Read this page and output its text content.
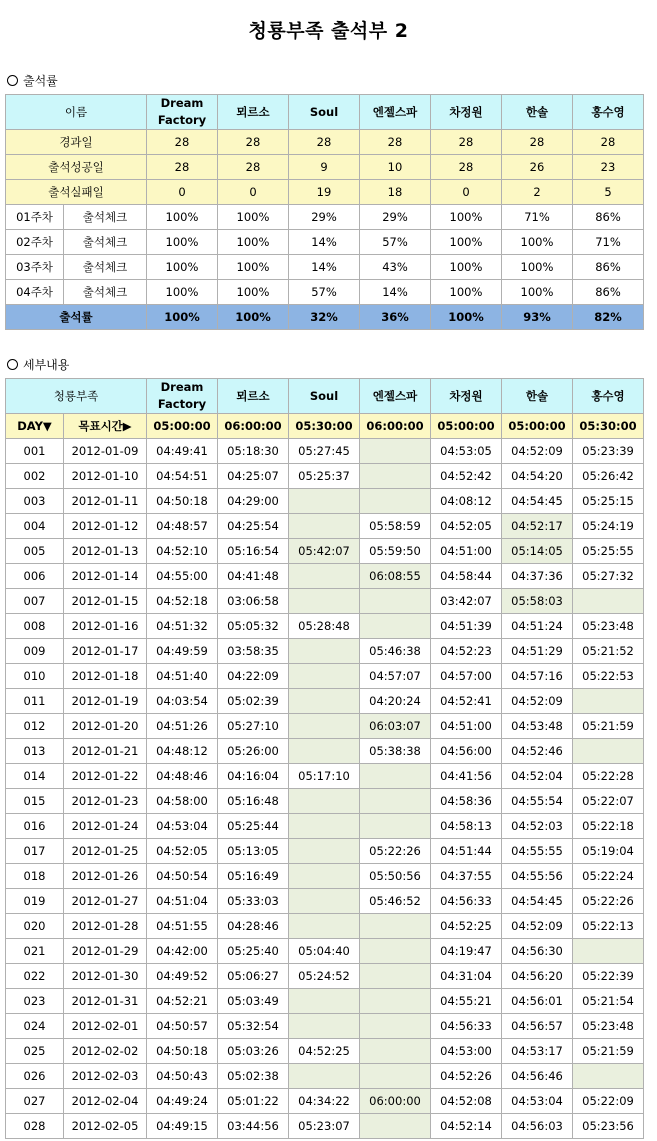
청룡부족 출석부 2
출석률
이름		Dream Factory	뫼르소	Soul	엔젤스파	차정원	한솔	홍수영
경과일		28	28	28	28	28	28	28
출석성공일		28	28	9	10	28	26	23
출석실패일		0	0	19	18	0	2	5
01주차	출석체크	100%	100%	29%	29%	100%	71%	86%
02주차	출석체크	100%	100%	14%	57%	100%	100%	71%
03주차	출석체크	100%	100%	14%	43%	100%	100%	86%
04주차	출석체크	100%	100%	57%	14%	100%	100%	86%
출석률		100%	100%	32%	36%	100%	93%	82%
세부내용
청룡부족		Dream Factory	뫼르소	Soul	엔젤스파	차정원	한솔	홍수영
DAY▼	목표시간▶	05:00:00	06:00:00	05:30:00	06:00:00	05:00:00	05:00:00	05:30:00
001	2012-01-09	04:49:41	05:18:30	05:27:45		04:53:05	04:52:09	05:23:39
002	2012-01-10	04:54:51	04:25:07	05:25:37		04:52:42	04:54:20	05:26:42
003	2012-01-11	04:50:18	04:29:00			04:08:12	04:54:45	05:25:15
004	2012-01-12	04:48:57	04:25:54		05:58:59	04:52:05	04:52:17	05:24:19
005	2012-01-13	04:52:10	05:16:54	05:42:07	05:59:50	04:51:00	05:14:05	05:25:55
006	2012-01-14	04:55:00	04:41:48		06:08:55	04:58:44	04:37:36	05:27:32
007	2012-01-15	04:52:18	03:06:58			03:42:07	05:58:03	
008	2012-01-16	04:51:32	05:05:32	05:28:48		04:51:39	04:51:24	05:23:48
009	2012-01-17	04:49:59	03:58:35		05:46:38	04:52:23	04:51:29	05:21:52
010	2012-01-18	04:51:40	04:22:09		04:57:07	04:57:00	04:57:16	05:22:53
011	2012-01-19	04:03:54	05:02:39		04:20:24	04:52:41	04:52:09	
012	2012-01-20	04:51:26	05:27:10		06:03:07	04:51:00	04:53:48	05:21:59
013	2012-01-21	04:48:12	05:26:00		05:38:38	04:56:00	04:52:46	
014	2012-01-22	04:48:46	04:16:04	05:17:10		04:41:56	04:52:04	05:22:28
015	2012-01-23	04:58:00	05:16:48			04:58:36	04:55:54	05:22:07
016	2012-01-24	04:53:04	05:25:44			04:58:13	04:52:03	05:22:18
017	2012-01-25	04:52:05	05:13:05		05:22:26	04:51:44	04:55:55	05:19:04
018	2012-01-26	04:50:54	05:16:49		05:50:56	04:37:55	04:55:56	05:22:24
019	2012-01-27	04:51:04	05:33:03		05:46:52	04:56:33	04:54:45	05:22:26
020	2012-01-28	04:51:55	04:28:46			04:52:25	04:52:09	05:22:13
021	2012-01-29	04:42:00	05:25:40	05:04:40		04:19:47	04:56:30	
022	2012-01-30	04:49:52	05:06:27	05:24:52		04:31:04	04:56:20	05:22:39
023	2012-01-31	04:52:21	05:03:49			04:55:21	04:56:01	05:21:54
024	2012-02-01	04:50:57	05:32:54			04:56:33	04:56:57	05:23:48
025	2012-02-02	04:50:18	05:03:26	04:52:25		04:53:00	04:53:17	05:21:59
026	2012-02-03	04:50:43	05:02:38			04:52:26	04:56:46	
027	2012-02-04	04:49:24	05:01:22	04:34:22	06:00:00	04:52:08	04:53:04	05:22:09
028	2012-02-05	04:49:15	03:44:56	05:23:07		04:52:14	04:56:03	05:23:56
